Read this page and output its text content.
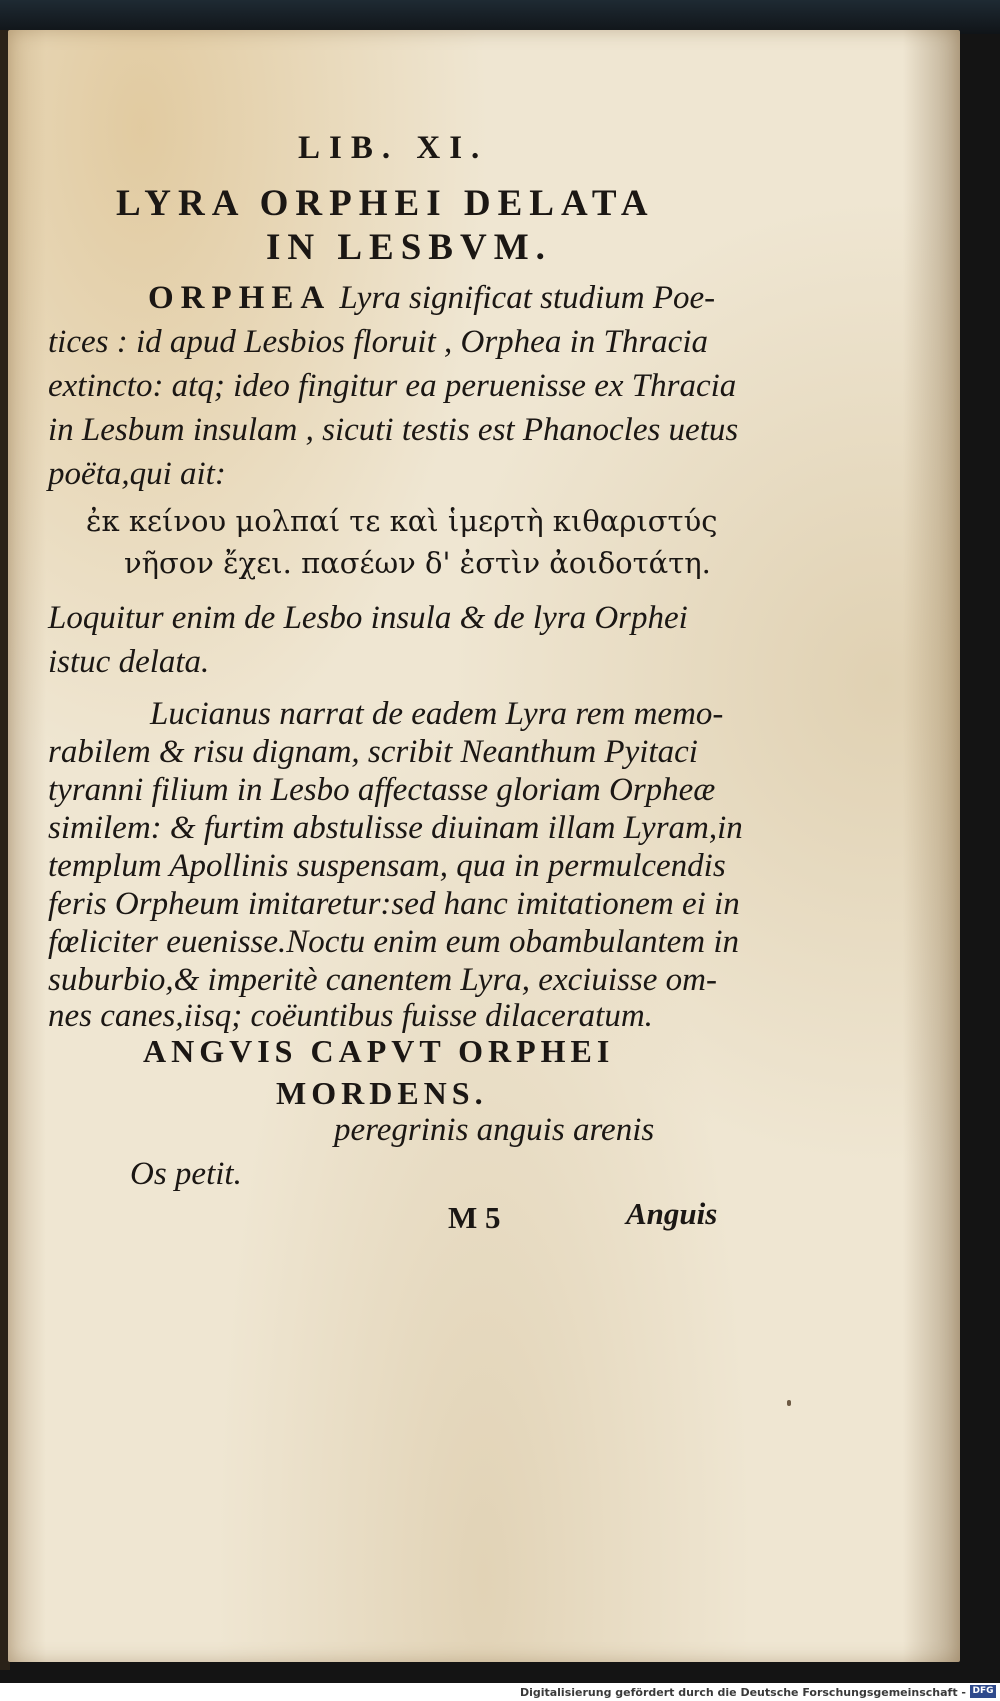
LIB. XI.
LYRA ORPHEI DELATA
IN LESBVM.
ORPHEA Lyra significat studium Poe-
tices : id apud Lesbios floruit , Orphea in Thracia
extincto: atq; ideo fingitur ea peruenisse ex Thracia
in Lesbum insulam , sicuti testis est Phanocles uetus
poëta,qui ait:
ἐκ κείνου μολπαί τε καὶ ἱμερτὴ κιθαριστύς
νῆσον ἔχει. πασέων δ' ἐστὶν ἀοιδοτάτη.
Loquitur enim de Lesbo insula & de lyra Orphei
istuc delata.
Lucianus narrat de eadem Lyra rem memo-
rabilem & risu dignam, scribit Neanthum Pyitaci
tyranni filium in Lesbo affectasse gloriam Orpheæ
similem: & furtim abstulisse diuinam illam Lyram,in
templum Apollinis suspensam, qua in permulcendis
feris Orpheum imitaretur:sed hanc imitationem ei in
fœliciter euenisse.Noctu enim eum obambulantem in
suburbio,& imperitè canentem Lyra, exciuisse om-
ANGVIS CAPVT ORPHEI
MORDENS.
peregrinis anguis arenis
Os petit.
M 5	Anguis
nes canes,iisq; coëuntibus fuisse dilaceratum.
Digitalisierung gefördert durch die Deutsche Forschungsgemeinschaft - DFG
